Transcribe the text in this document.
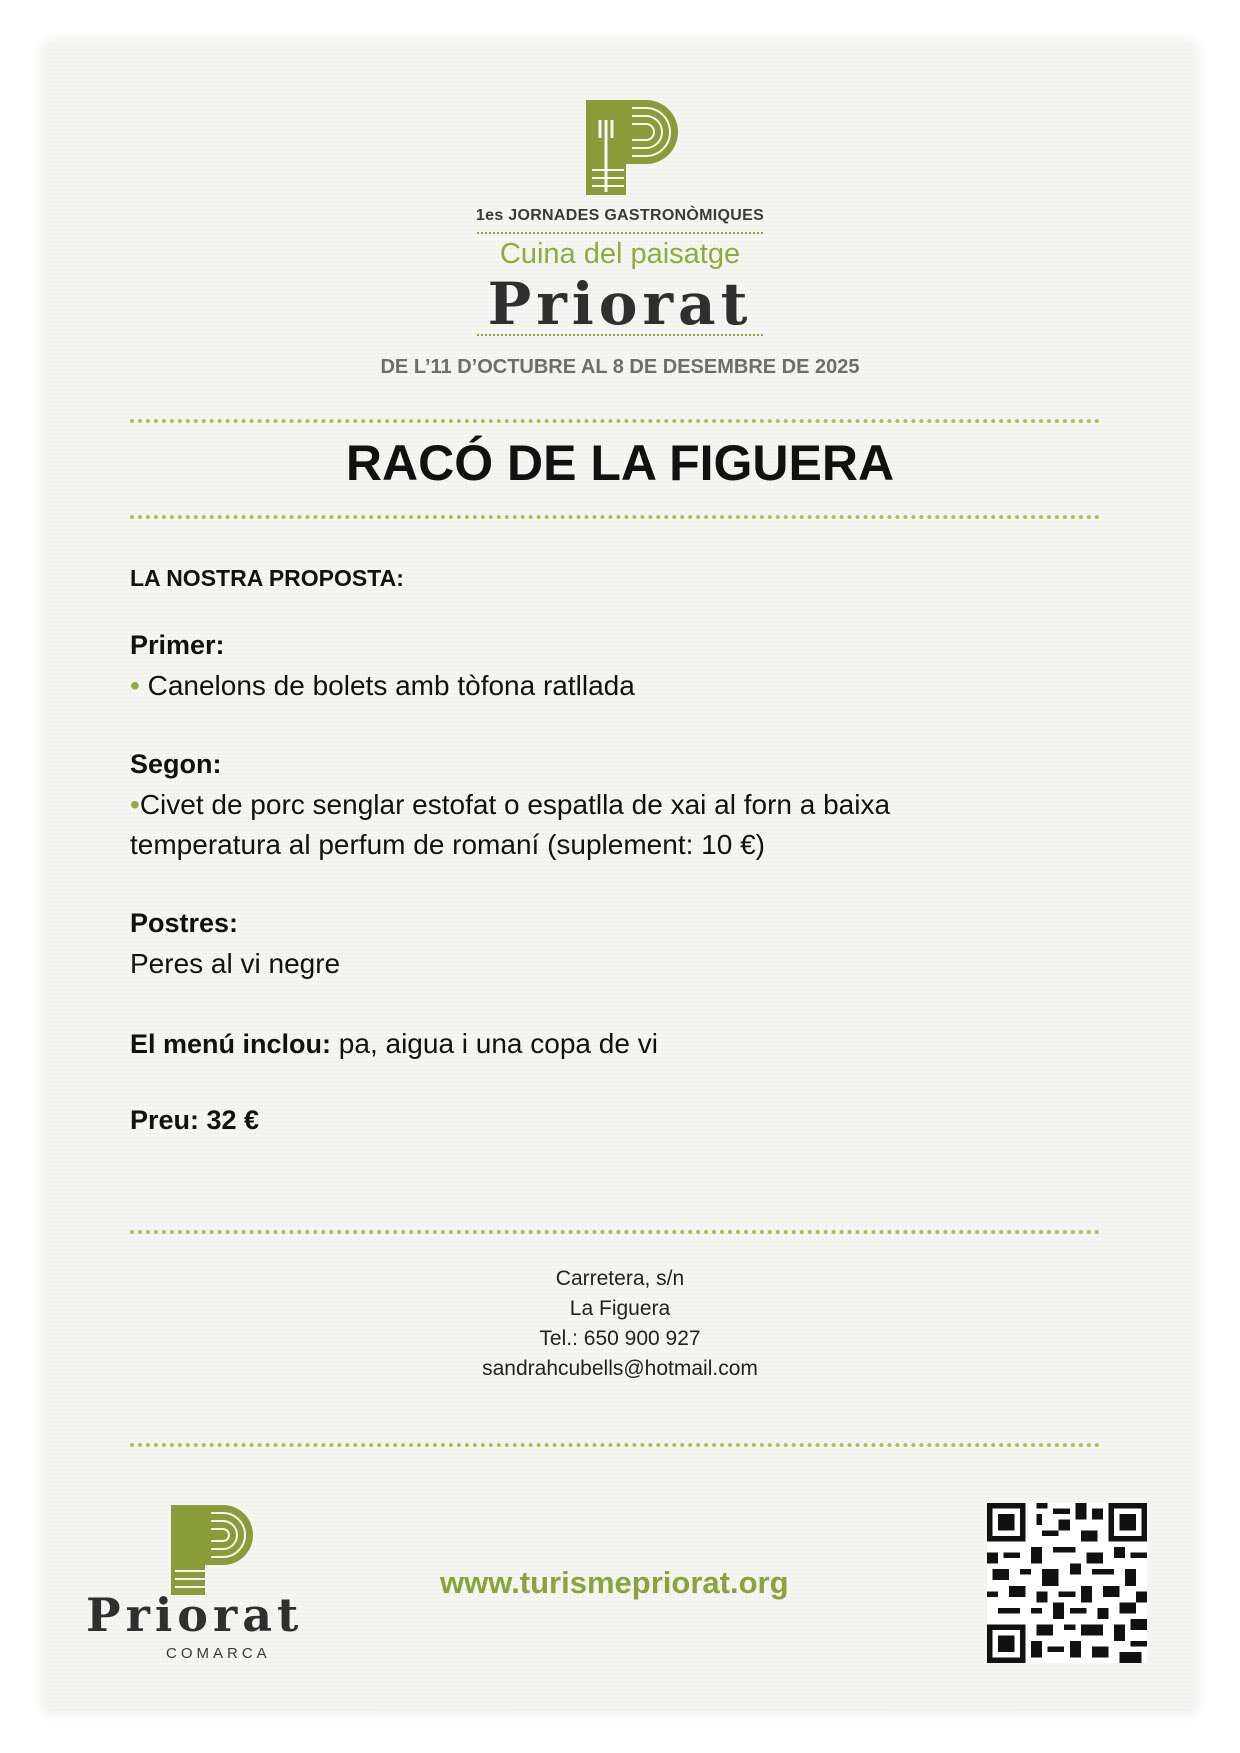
1es JORNADES GASTRONÒMIQUES
Cuina del paisatge
Priorat
DE L’11 D’OCTUBRE AL 8 DE DESEMBRE DE 2025
RACÓ DE LA FIGUERA
LA NOSTRA PROPOSTA:
Primer:
• Canelons de bolets amb tòfona ratllada
Segon:
•Civet de porc senglar estofat o espatlla de xai al forn a baixa
temperatura al perfum de romaní (suplement: 10 €)
Postres:
Peres al vi negre
El menú inclou: pa, aigua i una copa de vi
Preu: 32 €
Carretera, s/n
La Figuera
Tel.: 650 900 927
sandrahcubells@hotmail.com
Priorat
COMARCA
www.turismepriorat.org
